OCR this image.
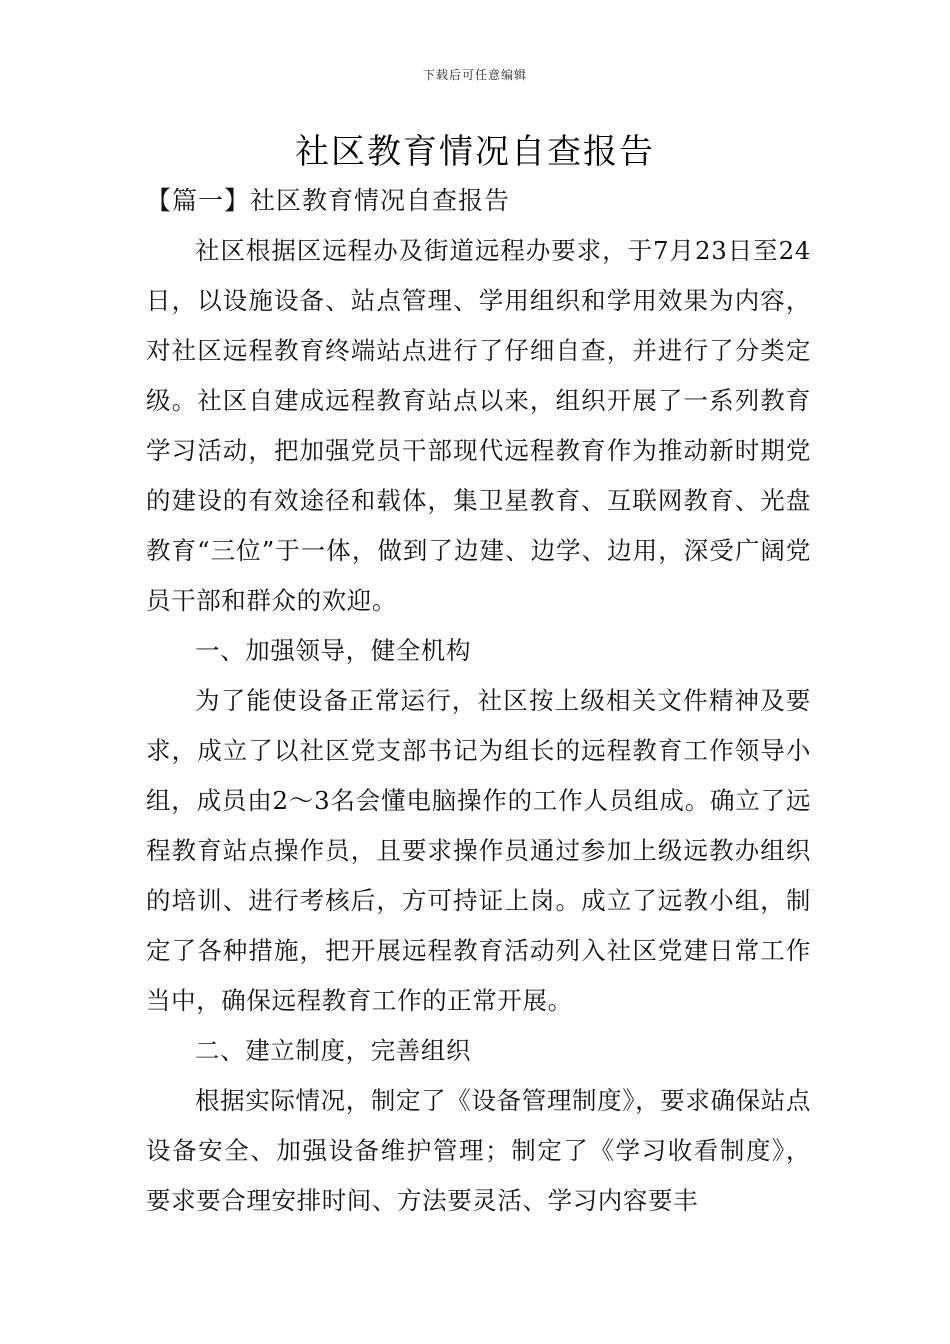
下载后可任意编辑
社区教育情况自查报告
【篇一】社区教育情况自查报告

社区根据区远程办及街道远程办要求，于7月23日至24日，以设施设备、站点管理、学用组织和学用效果为内容，对社区远程教育终端站点进行了仔细自查，并进行了分类定级。社区自建成远程教育站点以来，组织开展了一系列教育学习活动，把加强党员干部现代远程教育作为推动新时期党的建设的有效途径和载体，集卫星教育、互联网教育、光盘教育“三位”于一体，做到了边建、边学、边用，深受广阔党员干部和群众的欢迎。

一、加强领导，健全机构

为了能使设备正常运行，社区按上级相关文件精神及要求，成立了以社区党支部书记为组长的远程教育工作领导小组，成员由2～3名会懂电脑操作的工作人员组成。确立了远程教育站点操作员，且要求操作员通过参加上级远教办组织的培训、进行考核后，方可持证上岗。成立了远教小组，制定了各种措施，把开展远程教育活动列入社区党建日常工作当中，确保远程教育工作的正常开展。

二、建立制度，完善组织

根据实际情况，制定了《设备管理制度》，要求确保站点设备安全、加强设备维护管理；制定了《学习收看制度》，要求要合理安排时间、方法要灵活、学习内容要丰
